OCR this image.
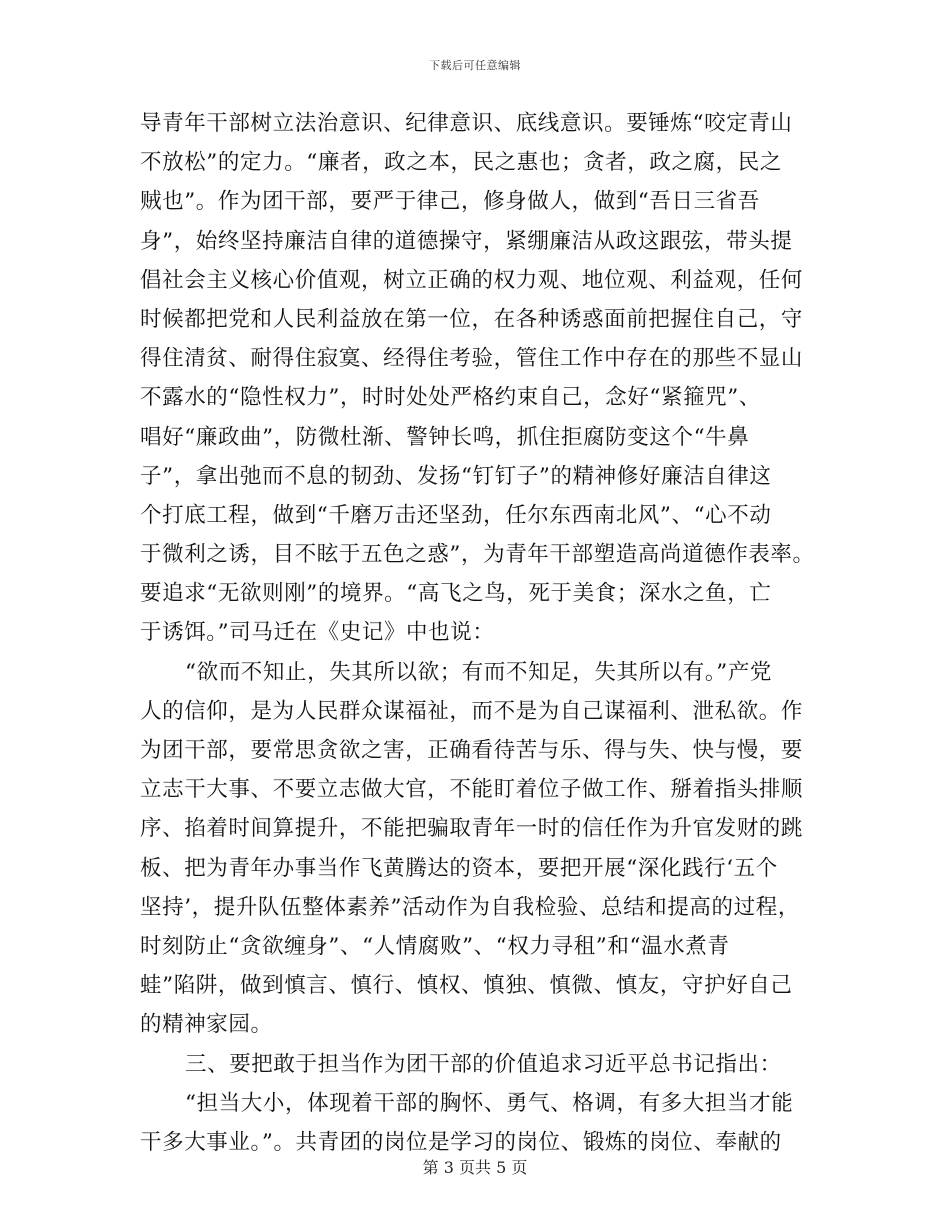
下载后可任意编辑
导青年干部树立法治意识、纪律意识、底线意识。要锤炼“咬定青山
不放松”的定力。“廉者，政之本，民之惠也；贪者，政之腐，民之
贼也”。作为团干部，要严于律己，修身做人，做到“吾日三省吾
身”，始终坚持廉洁自律的道德操守，紧绷廉洁从政这跟弦，带头提
倡社会主义核心价值观，树立正确的权力观、地位观、利益观，任何
时候都把党和人民利益放在第一位，在各种诱惑面前把握住自己，守
得住清贫、耐得住寂寞、经得住考验，管住工作中存在的那些不显山
不露水的“隐性权力”，时时处处严格约束自己，念好“紧箍咒”、
唱好“廉政曲”，防微杜渐、警钟长鸣，抓住拒腐防变这个“牛鼻
子”，拿出弛而不息的韧劲、发扬“钉钉子”的精神修好廉洁自律这
个打底工程，做到“千磨万击还坚劲，任尔东西南北风”、“心不动
于微利之诱，目不眩于五色之惑”，为青年干部塑造高尚道德作表率。
要追求“无欲则刚”的境界。“高飞之鸟，死于美食；深水之鱼，亡
于诱饵。”司马迁在《史记》中也说：
“欲而不知止，失其所以欲；有而不知足，失其所以有。”产党
人的信仰，是为人民群众谋福祉，而不是为自己谋福利、泄私欲。作
为团干部，要常思贪欲之害，正确看待苦与乐、得与失、快与慢，要
立志干大事、不要立志做大官，不能盯着位子做工作、掰着指头排顺
序、掐着时间算提升，不能把骗取青年一时的信任作为升官发财的跳
板、把为青年办事当作飞黄腾达的资本，要把开展“深化践行‘五个
坚持’，提升队伍整体素养”活动作为自我检验、总结和提高的过程，
时刻防止“贪欲缠身”、“人情腐败”、“权力寻租”和“温水煮青
蛙”陷阱，做到慎言、慎行、慎权、慎独、慎微、慎友，守护好自己
的精神家园。
三、要把敢于担当作为团干部的价值追求习近平总书记指出：
“担当大小，体现着干部的胸怀、勇气、格调，有多大担当才能
干多大事业。”。共青团的岗位是学习的岗位、锻炼的岗位、奉献的
第 3 页共 5 页
